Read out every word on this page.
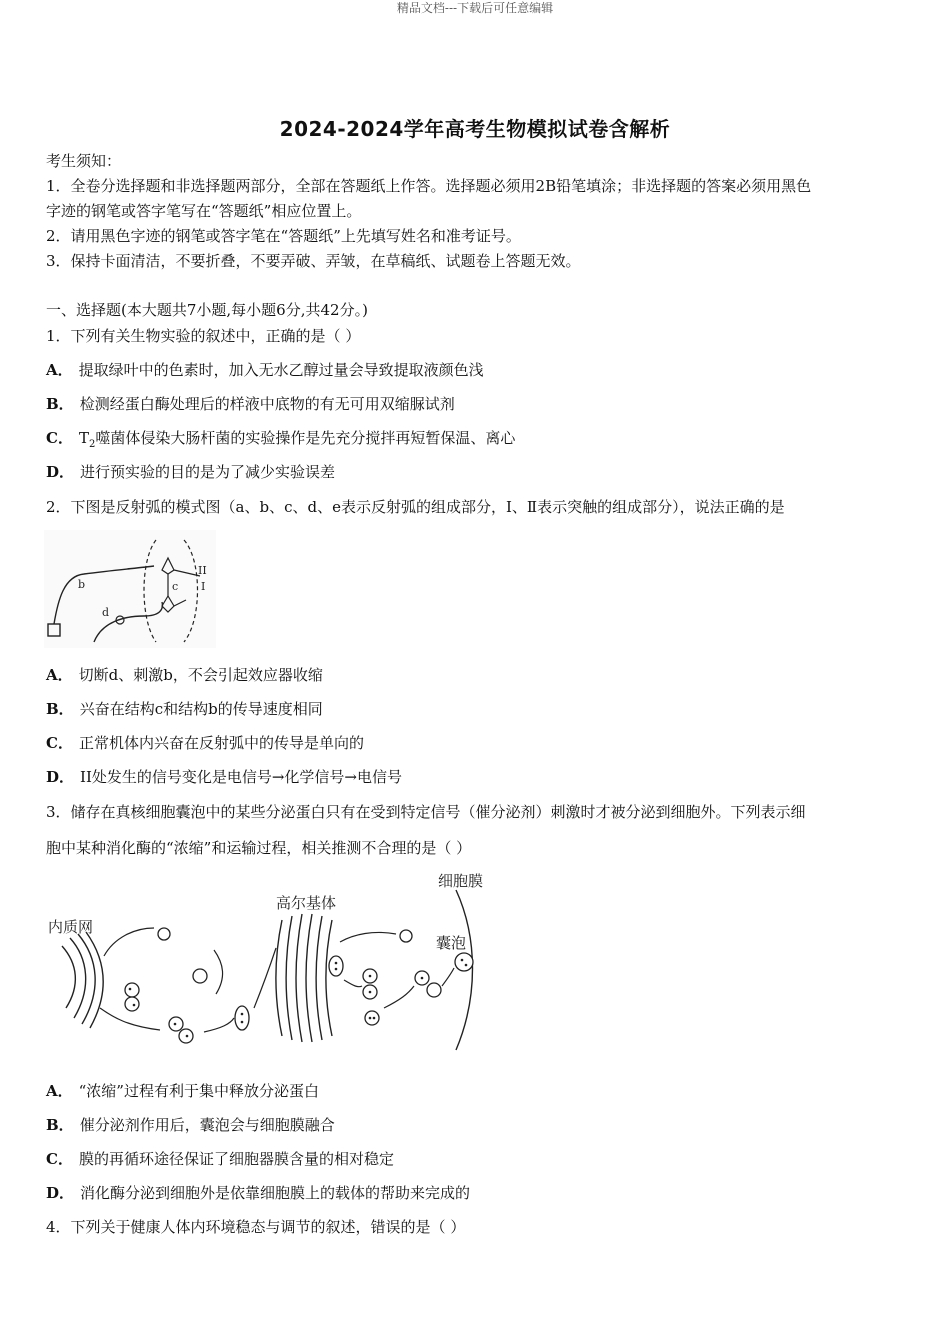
精品文档---下载后可任意编辑
2024-2024学年高考生物模拟试卷含解析
考生须知：
1．全卷分选择题和非选择题两部分，全部在答题纸上作答。选择题必须用2B铅笔填涂；非选择题的答案必须用黑色
字迹的钢笔或答字笔写在“答题纸”相应位置上。
2．请用黑色字迹的钢笔或答字笔在“答题纸”上先填写姓名和准考证号。
3．保持卡面清洁，不要折叠，不要弄破、弄皱，在草稿纸、试题卷上答题无效。
一、选择题(本大题共7小题,每小题6分,共42分。)
1．下列有关生物实验的叙述中，正确的是（ ）
A． 提取绿叶中的色素时，加入无水乙醇过量会导致提取液颜色浅
B． 检测经蛋白酶处理后的样液中底物的有无可用双缩脲试剂
C． $T_2$噬菌体侵染大肠杆菌的实验操作是先充分搅拌再短暂保温、离心
D． 进行预实验的目的是为了减少实验误差
2．下图是反射弧的模式图（a、b、c、d、e表示反射弧的组成部分，I、Ⅱ表示突触的组成部分），说法正确的是
b
d
c
II
I
A． 切断d、刺激b，不会引起效应器收缩
B． 兴奋在结构c和结构b的传导速度相同
C． 正常机体内兴奋在反射弧中的传导是单向的
D． II处发生的信号变化是电信号→化学信号→电信号
3．储存在真核细胞囊泡中的某些分泌蛋白只有在受到特定信号（催分泌剂）刺激时才被分泌到细胞外。下列表示细
胞中某种消化酶的“浓缩”和运输过程，相关推测不合理的是（ ）
内质网
高尔基体
细胞膜
囊泡
A． “浓缩”过程有利于集中释放分泌蛋白
B． 催分泌剂作用后，囊泡会与细胞膜融合
C． 膜的再循环途径保证了细胞器膜含量的相对稳定
D． 消化酶分泌到细胞外是依靠细胞膜上的载体的帮助来完成的
4．下列关于健康人体内环境稳态与调节的叙述，错误的是（ ）
